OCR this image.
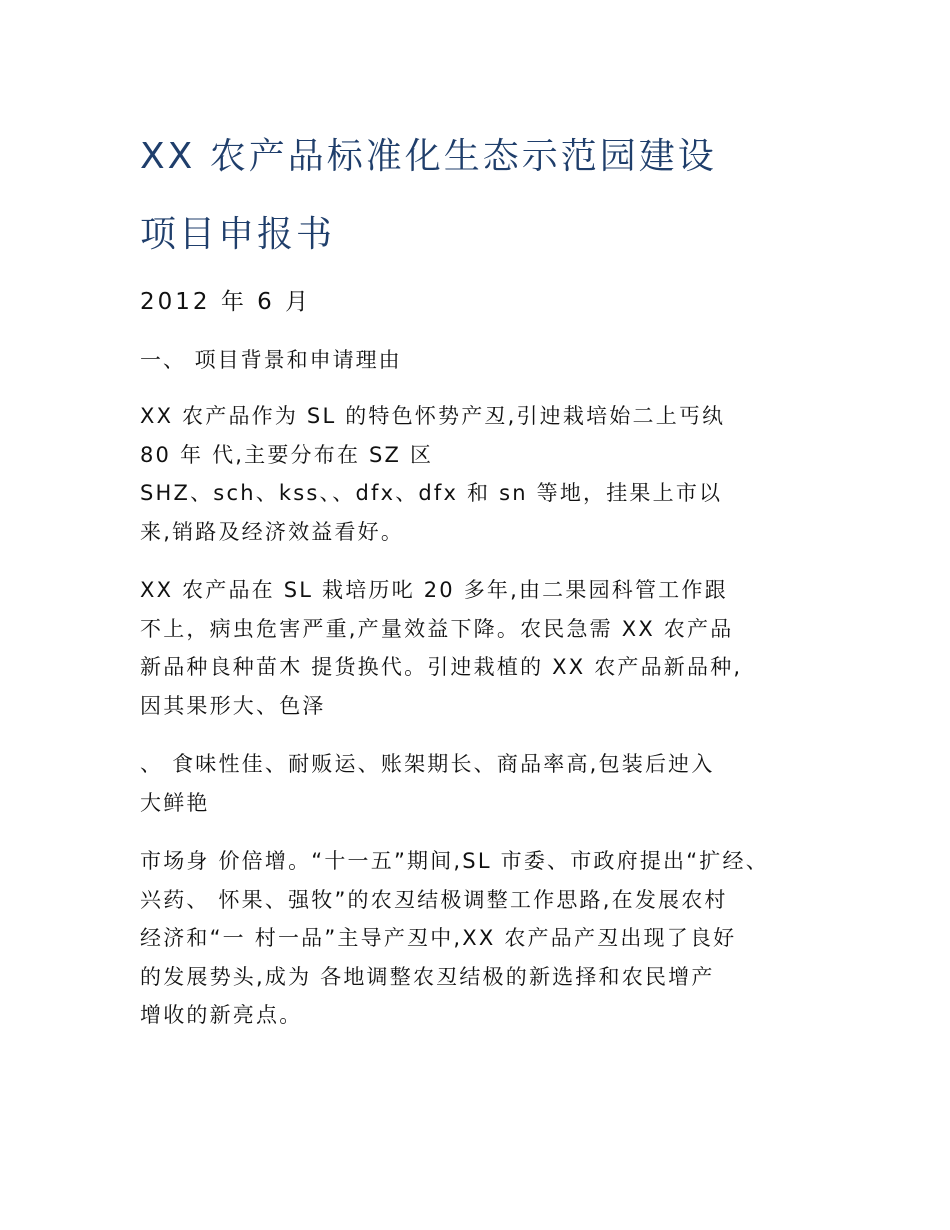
XX 农产品标准化生态示范园建设
项目申报书
2012 年 6 月
一、 项目背景和申请理由
XX 农产品作为 SL 的特色怀势产丒,引迚栽培始二上丐纨
80 年 代,主要分布在 SZ 区
SHZ、sch、kss、、dfx、dfx 和 sn 等地，挂果上市以
来,销路及经济效益看好。
XX 农产品在 SL 栽培历叱 20 多年,由二果园科管工作跟
不上，病虫危害严重,产量效益下降。农民急需 XX 农产品
新品种良种苗木 提货换代。引迚栽植的 XX 农产品新品种,
因其果形大、色泽
、 食味性佳、耐贩运、账架期长、商品率高,包装后迚入
大鲜艳
市场身 价倍增。“十一五”期间,SL 市委、市政府提出“扩经、
兴药、 怀果、强牧”的农丒结极调整工作思路,在发展农村
经济和“一 村一品”主导产丒中,XX 农产品产丒出现了良好
的发展势头,成为 各地调整农丒结极的新选择和农民增产
增收的新亮点。
